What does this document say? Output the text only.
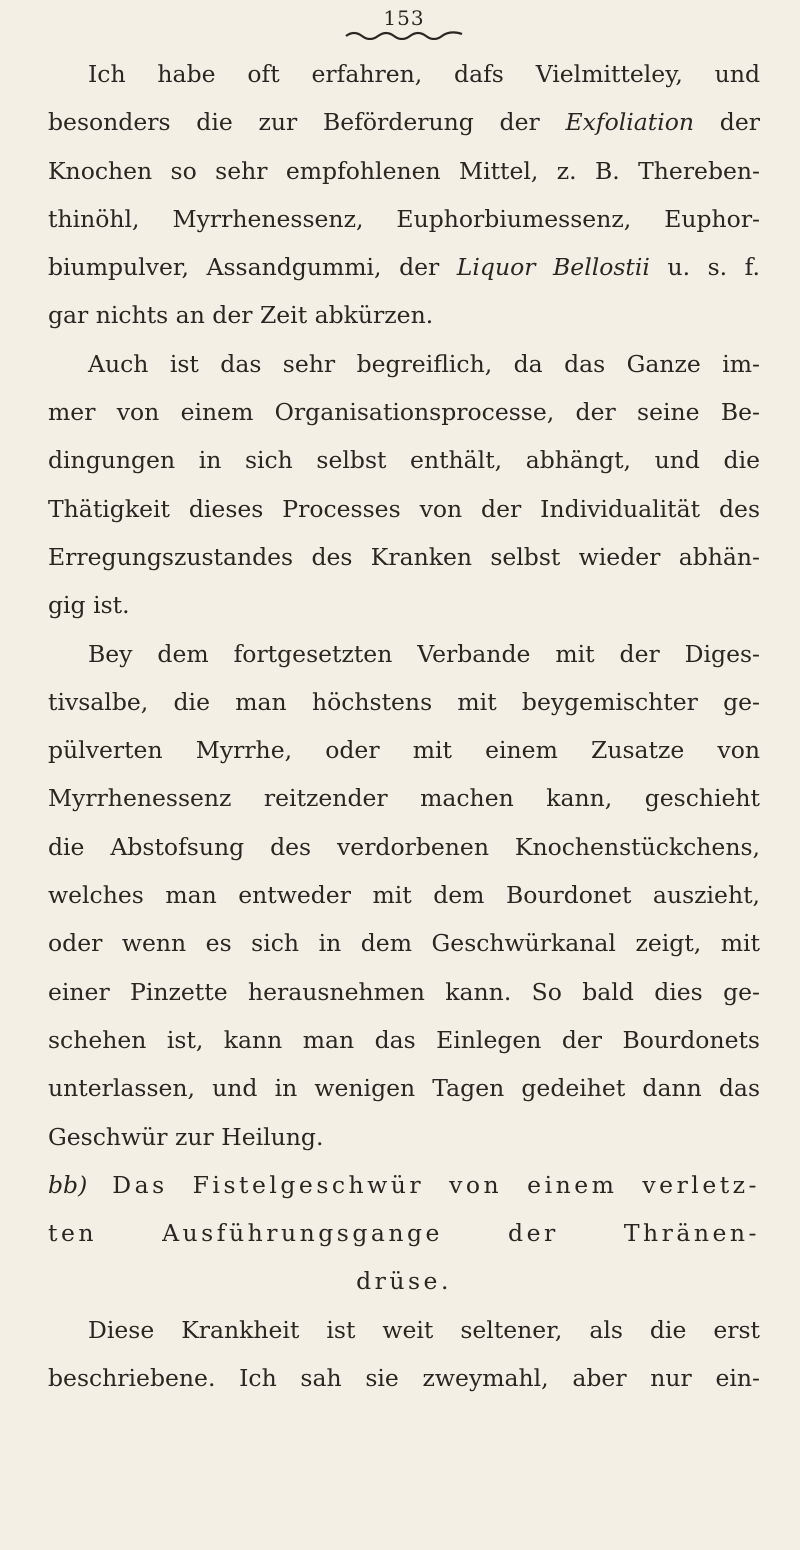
153
Ich habe oft erfahren, dafs Vielmitteley, und
besonders die zur Beförderung der Exfoliation der
Knochen so sehr empfohlenen Mittel, z. B. Thereben-
thinöhl, Myrrhenessenz, Euphorbiumessenz, Euphor-
biumpulver, Assandgummi, der Liquor Bellostii u. s. f.
gar nichts an der Zeit abkürzen.
Auch ist das sehr begreiflich, da das Ganze im-
mer von einem Organisationsprocesse, der seine Be-
dingungen in sich selbst enthält, abhängt, und die
Thätigkeit dieses Processes von der Individualität des
Erregungszustandes des Kranken selbst wieder abhän-
gig ist.
Bey dem fortgesetzten Verbande mit der Diges-
tivsalbe, die man höchstens mit beygemischter ge-
pülverten Myrrhe, oder mit einem Zusatze von
Myrrhenessenz reitzender machen kann, geschieht
die Abstofsung des verdorbenen Knochenstückchens,
welches man entweder mit dem Bourdonet auszieht,
oder wenn es sich in dem Geschwürkanal zeigt, mit
einer Pinzette herausnehmen kann. So bald dies ge-
schehen ist, kann man das Einlegen der Bourdonets
unterlassen, und in wenigen Tagen gedeihet dann das
Geschwür zur Heilung.
bb) Das Fistelgeschwür von einem verletz-
ten Ausführungsgange der Thränen-
drüse.
Diese Krankheit ist weit seltener, als die erst
beschriebene. Ich sah sie zweymahl, aber nur ein-
